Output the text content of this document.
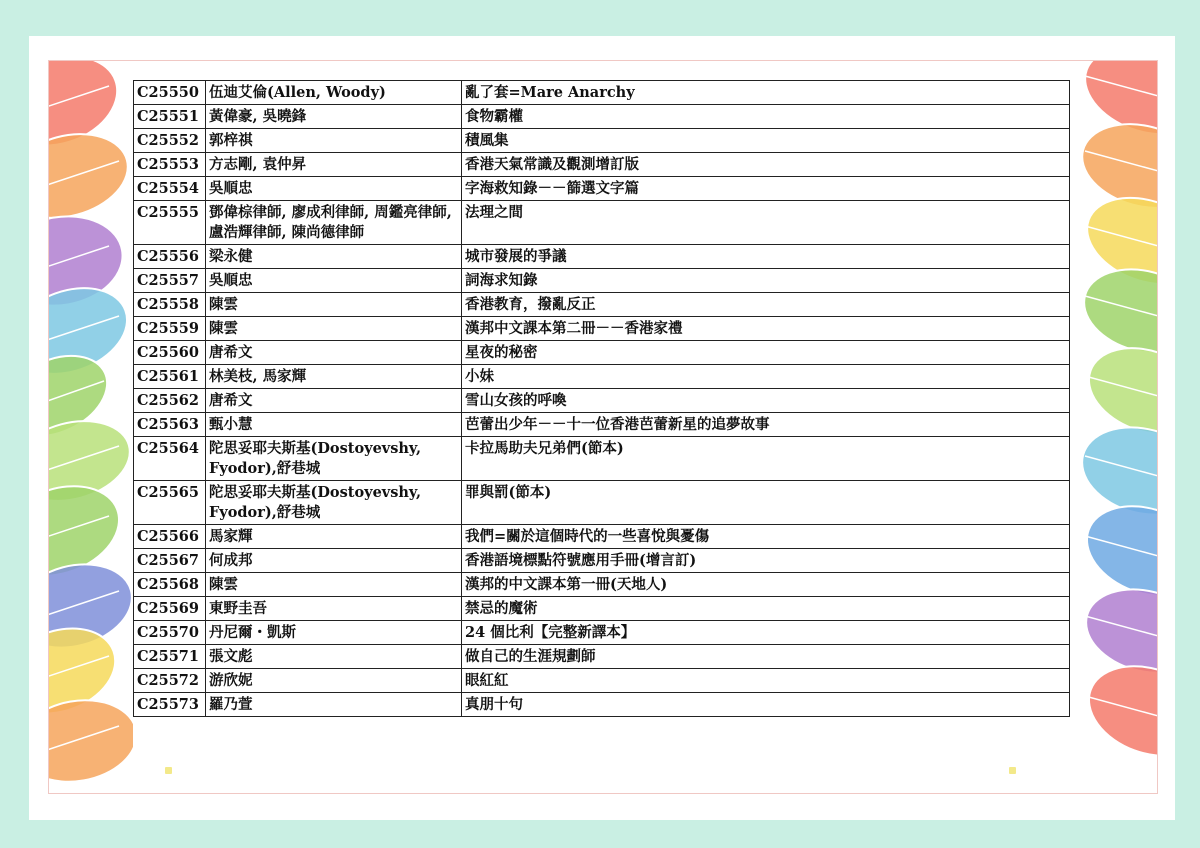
C25550	伍迪艾倫(Allen, Woody)	亂了套=Mare Anarchy
C25551	黃偉豪, 吳曉鋒	食物霸權
C25552	郭梓祺	積風集
C25553	方志剛, 袁仲昇	香港天氣常識及觀測增訂版
C25554	吳順忠	字海救知錄－－篩選文字篇
C25555	鄧偉棕律師, 廖成利律師, 周鑑亮律師, 盧浩輝律師, 陳尚德律師	法理之間
C25556	梁永健	城市發展的爭議
C25557	吳順忠	詞海求知錄
C25558	陳雲	香港教育，撥亂反正
C25559	陳雲	漢邦中文課本第二冊－－香港家禮
C25560	唐希文	星夜的秘密
C25561	林美枝, 馬家輝	小妹
C25562	唐希文	雪山女孩的呼喚
C25563	甄小慧	芭蕾出少年－－十一位香港芭蕾新星的追夢故事
C25564	陀思妥耶夫斯基(Dostoyevshy, Fyodor),舒巷城	卡拉馬助夫兄弟們(節本)
C25565	陀思妥耶夫斯基(Dostoyevshy, Fyodor),舒巷城	罪與罰(節本)
C25566	馬家輝	我們=關於這個時代的一些喜悅與憂傷
C25567	何成邦	香港語境標點符號應用手冊(增言訂)
C25568	陳雲	漢邦的中文課本第一冊(天地人)
C25569	東野圭吾	禁忌的魔術
C25570	丹尼爾・凱斯	24 個比利【完整新譯本】
C25571	張文彪	做自己的生涯規劃師
C25572	游欣妮	眼紅紅
C25573	羅乃萱	真朋十句
